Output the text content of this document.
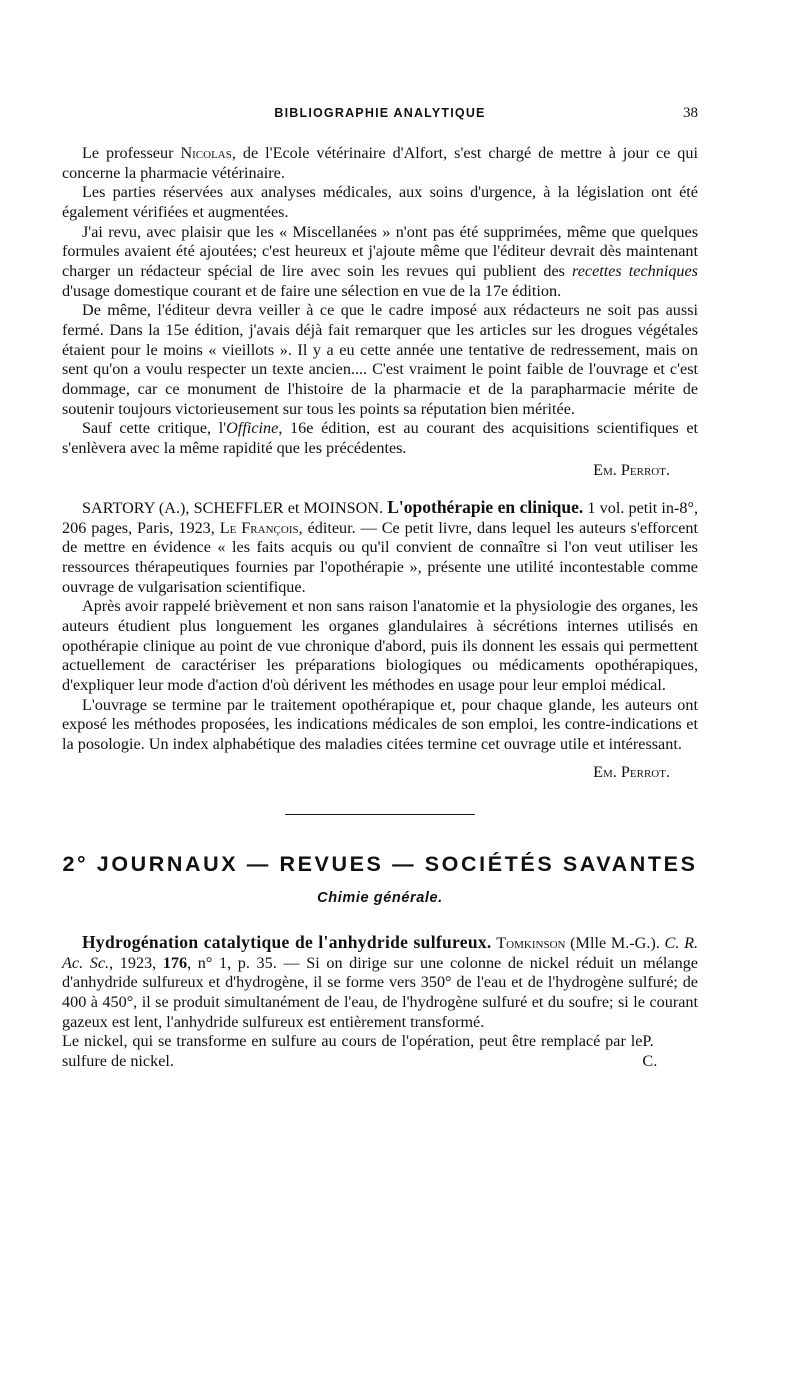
BIBLIOGRAPHIE ANALYTIQUE	38

Le professeur Nicolas, de l'Ecole vétérinaire d'Alfort, s'est chargé de mettre à jour ce qui concerne la pharmacie vétérinaire.

Les parties réservées aux analyses médicales, aux soins d'urgence, à la législation ont été également vérifiées et augmentées.

J'ai revu, avec plaisir que les « Miscellanées » n'ont pas été supprimées, même que quelques formules avaient été ajoutées; c'est heureux et j'ajoute même que l'éditeur devrait dès maintenant charger un rédacteur spécial de lire avec soin les revues qui publient des recettes techniques d'usage domestique courant et de faire une sélection en vue de la 17e édition.

De même, l'éditeur devra veiller à ce que le cadre imposé aux rédacteurs ne soit pas aussi fermé. Dans la 15e édition, j'avais déjà fait remarquer que les articles sur les drogues végétales étaient pour le moins « vieillots ». Il y a eu cette année une tentative de redressement, mais on sent qu'on a voulu respecter un texte ancien.... C'est vraiment le point faible de l'ouvrage et c'est dommage, car ce monument de l'histoire de la pharmacie et de la parapharmacie mérite de soutenir toujours victorieusement sur tous les points sa réputation bien méritée.

Sauf cette critique, l'Officine, 16e édition, est au courant des acquisitions scientifiques et s'enlèvera avec la même rapidité que les précédentes.

Em. Perrot.

SARTORY (A.), SCHEFFLER et MOINSON. L'opothérapie en clinique. 1 vol. petit in-8°, 206 pages, Paris, 1923, Le François, éditeur. — Ce petit livre, dans lequel les auteurs s'efforcent de mettre en évidence « les faits acquis ou qu'il convient de connaître si l'on veut utiliser les ressources thérapeutiques fournies par l'opothérapie », présente une utilité incontestable comme ouvrage de vulgarisation scientifique.

Après avoir rappelé brièvement et non sans raison l'anatomie et la physiologie des organes, les auteurs étudient plus longuement les organes glandulaires à sécrétions internes utilisés en opothérapie clinique au point de vue chronique d'abord, puis ils donnent les essais qui permettent actuellement de caractériser les préparations biologiques ou médicaments opothérapiques, d'expliquer leur mode d'action d'où dérivent les méthodes en usage pour leur emploi médical.

L'ouvrage se termine par le traitement opothérapique et, pour chaque glande, les auteurs ont exposé les méthodes proposées, les indications médicales de son emploi, les contre-indications et la posologie. Un index alphabétique des maladies citées termine cet ouvrage utile et intéressant.

Em. Perrot.
2° JOURNAUX — REVUES — SOCIÉTÉS SAVANTES
Chimie générale.

Hydrogénation catalytique de l'anhydride sulfureux. Tomkinson (Mlle M.-G.). C. R. Ac. Sc., 1923, 176, n° 1, p. 35. — Si on dirige sur une colonne de nickel réduit un mélange d'anhydride sulfureux et d'hydrogène, il se forme vers 350° de l'eau et de l'hydrogène sulfuré; de 400 à 450°, il se produit simultanément de l'eau, de l'hydrogène sulfuré et du soufre; si le courant gazeux est lent, l'anhydride sulfureux est entièrement transformé.

Le nickel, qui se transforme en sulfure au cours de l'opération, peut être remplacé par le sulfure de nickel.
P. C.
